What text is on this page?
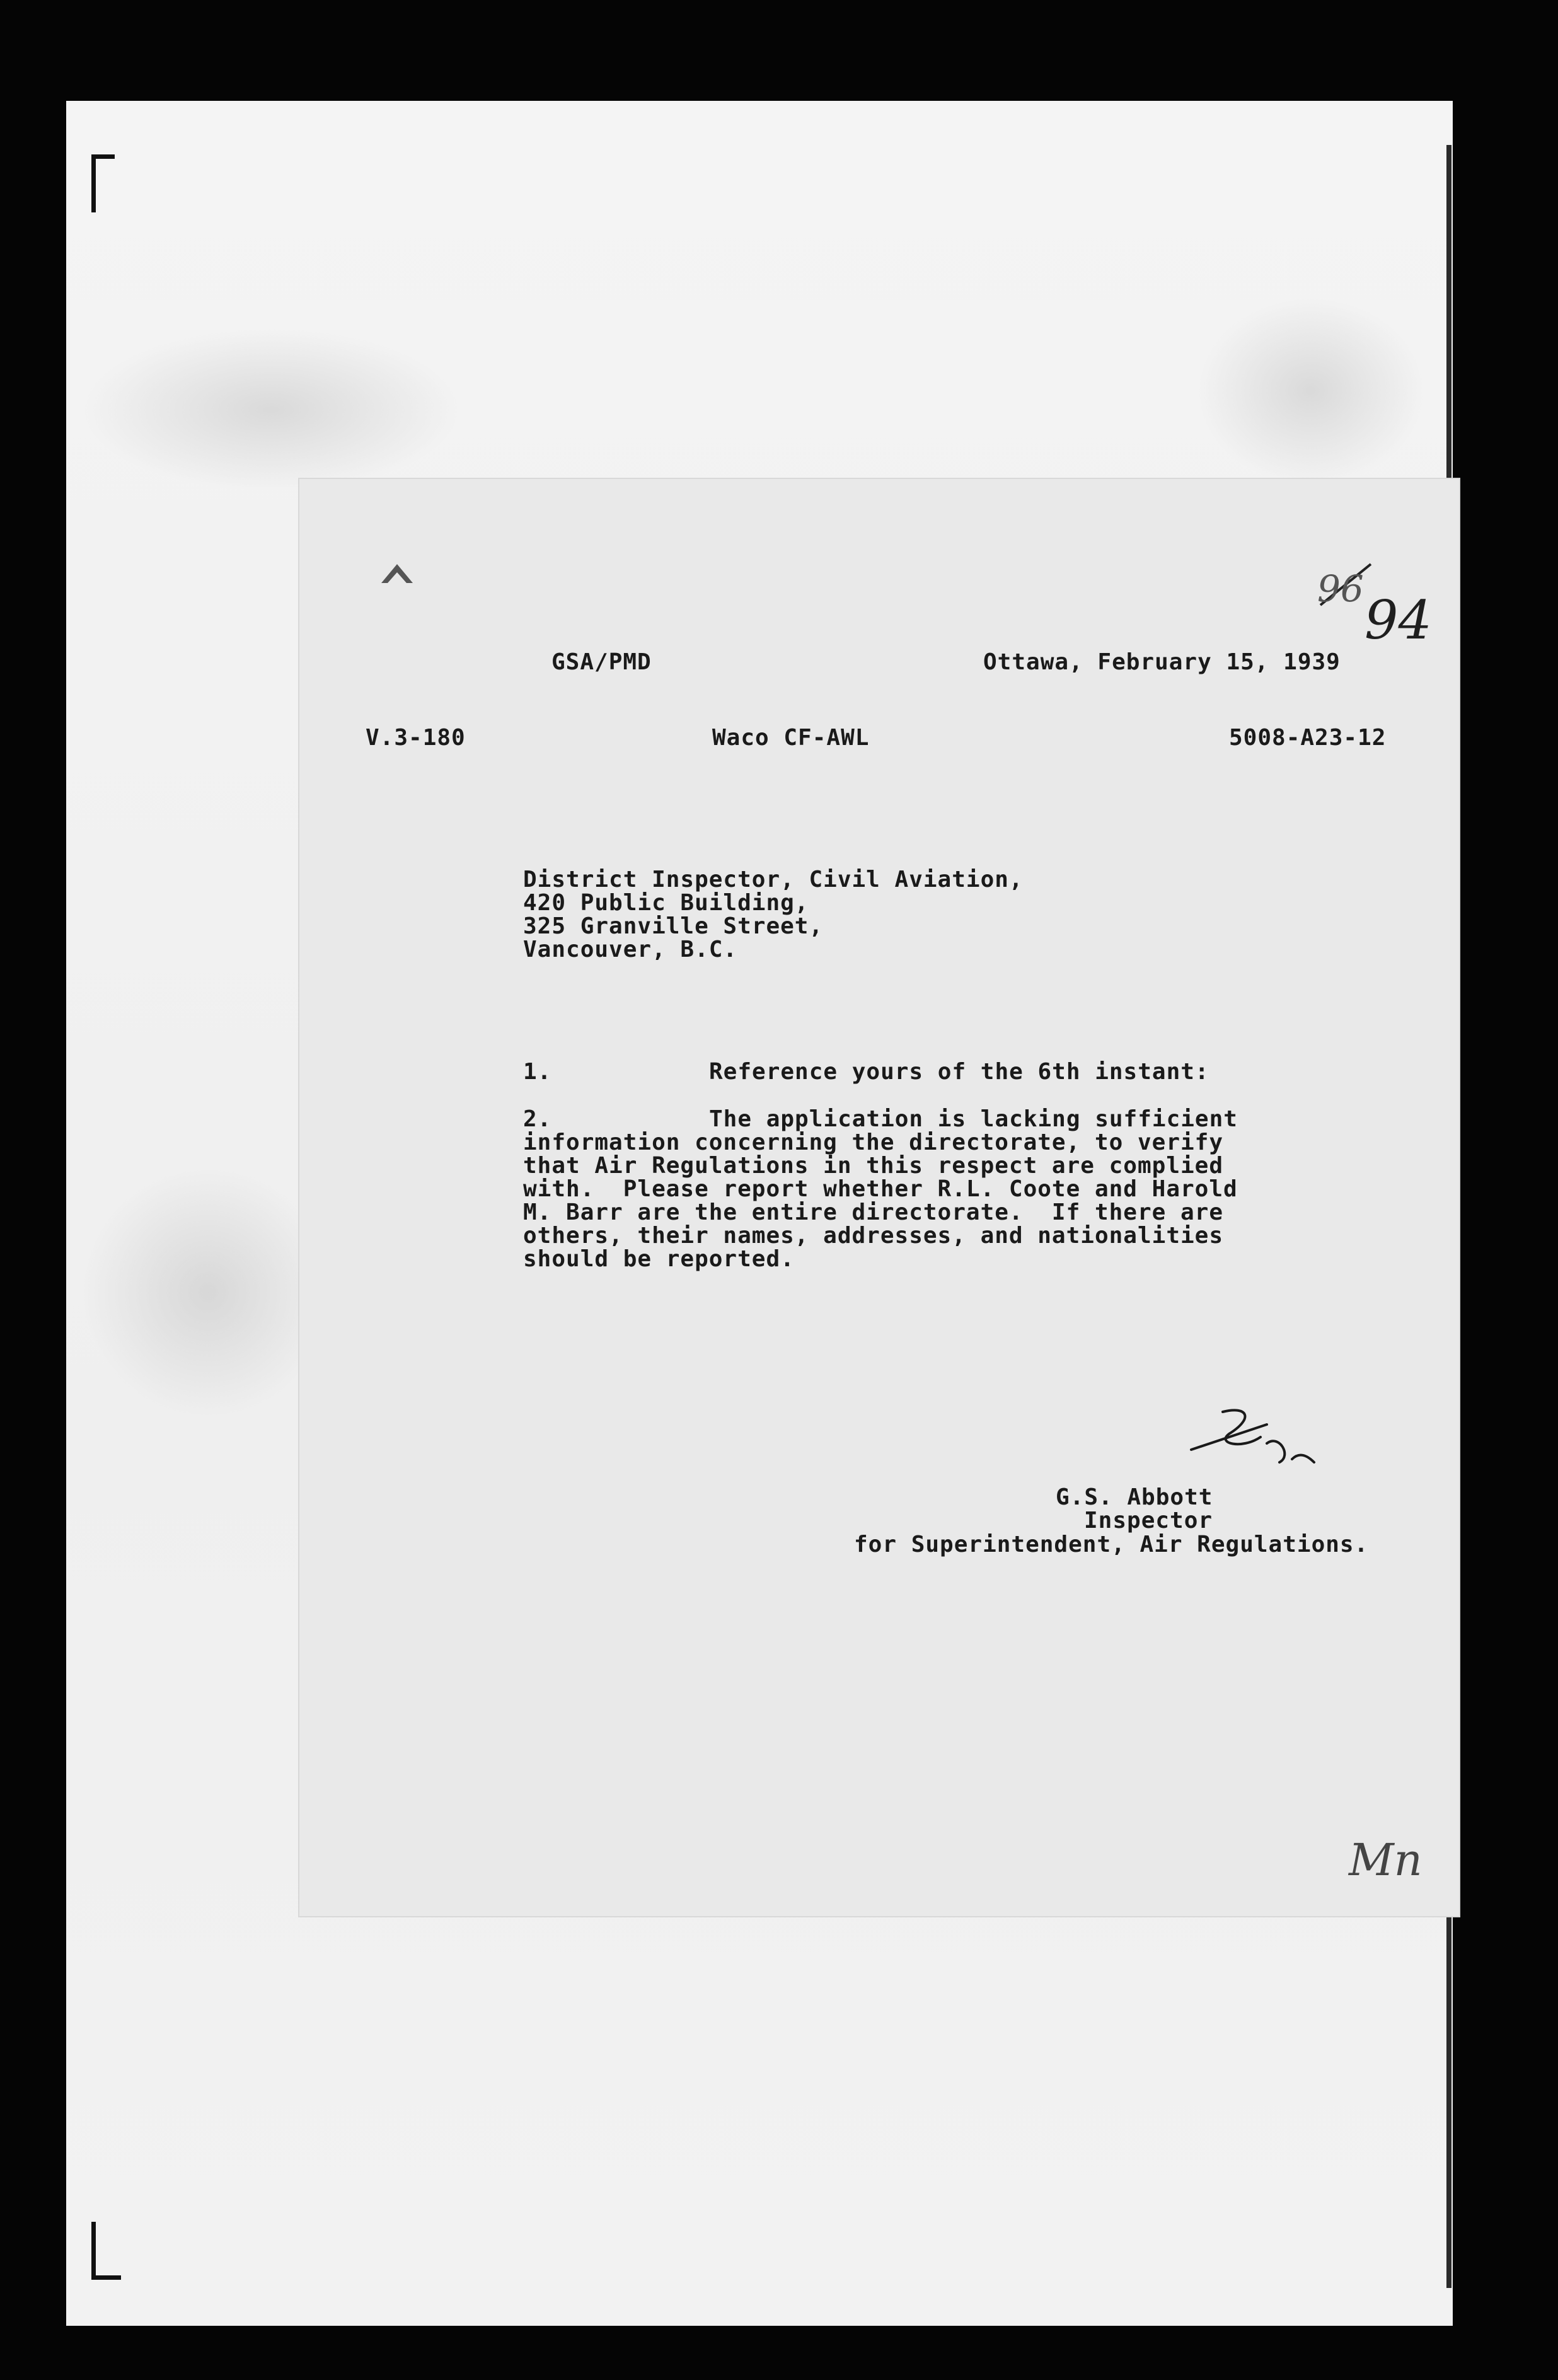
96
94
GSA/PMD	Ottawa, February 15, 1939
V.3-180	Waco CF-AWL	5008-A23-12
District Inspector, Civil Aviation,
420 Public Building,
325 Granville Street,
Vancouver, B.C.
1.	Reference yours of the 6th instant:
2.	The application is lacking sufficient
information concerning the directorate, to verify
that Air Regulations in this respect are complied
with.  Please report whether R.L. Coote and Harold
M. Barr are the entire directorate.  If there are
others, their names, addresses, and nationalities
should be reported.
G.S. Abbott
Inspector
for Superintendent, Air Regulations.
Mn
